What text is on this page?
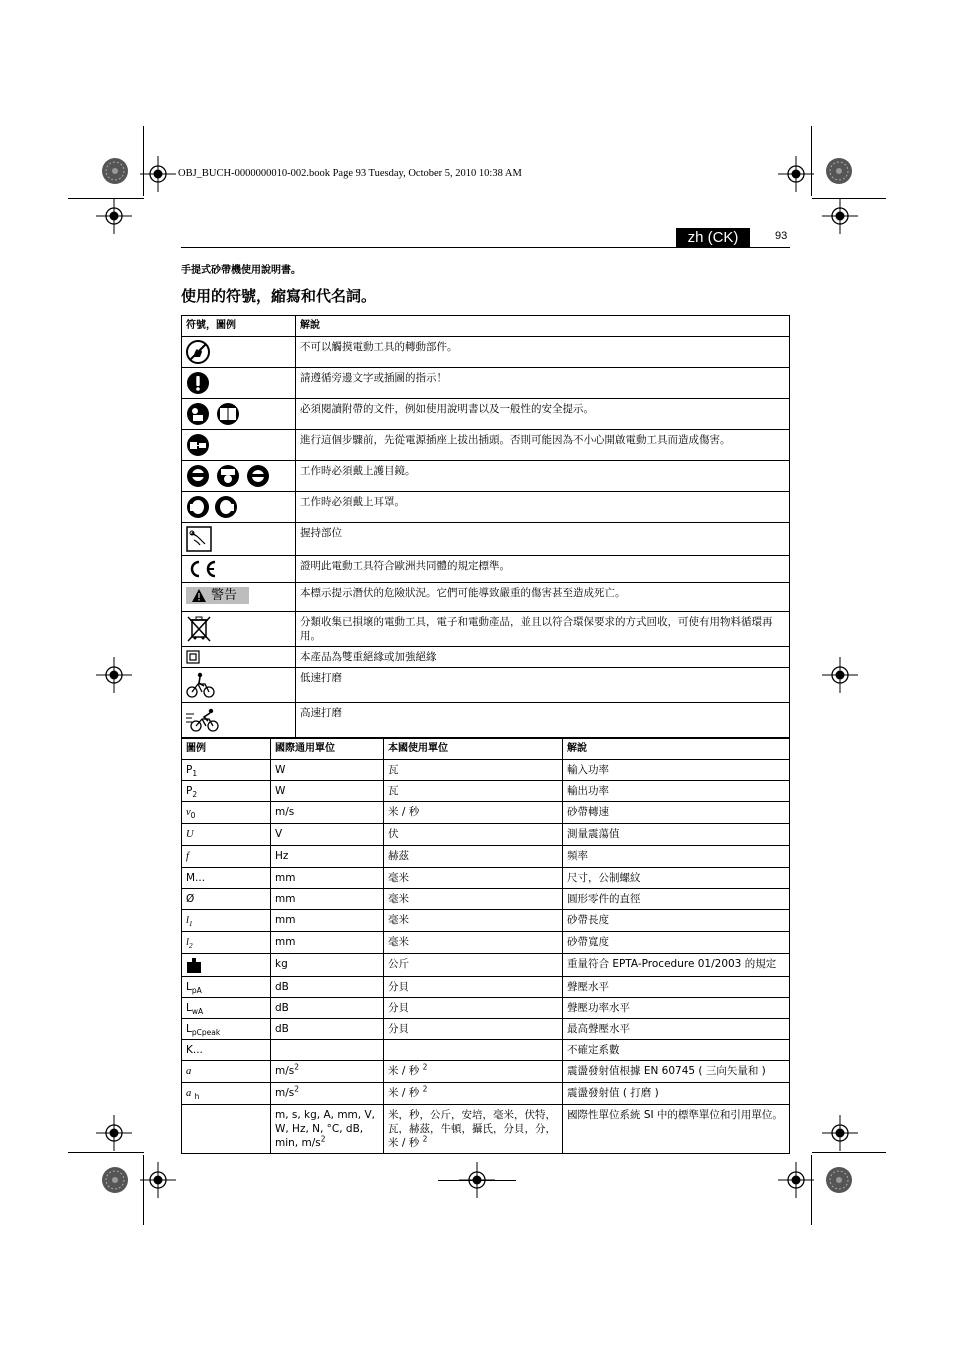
OBJ_BUCH-0000000010-002.book Page 93 Tuesday, October 5, 2010 10:38 AM
zh (CK)	93
手提式砂帶機使用說明書。
使用的符號，縮寫和代名詞。
符號，圖例	解說
	不可以觸摸電動工具的轉動部件。
	請遵循旁邊文字或插圖的指示！
	必須閱讀附帶的文件，例如使用說明書以及一般性的安全提示。
	進行這個步驟前，先從電源插座上拔出插頭。否則可能因為不小心開啟電動工具而造成傷害。
	工作時必須戴上護目鏡。
	工作時必須戴上耳罩。
	握持部位
	證明此電動工具符合歐洲共同體的規定標準。

警告	本標示提示潛伏的危險狀況。它們可能導致嚴重的傷害甚至造成死亡。
	分類收集已損壞的電動工具，電子和電動產品，並且以符合環保要求的方式回收，可使有用物料循環再用。
	本產品為雙重絕緣或加強絕緣
	低速打磨
	高速打磨
圖例	國際通用單位	本國使用單位	解說
$P_1$	W	瓦	輸入功率
$P_2$	W	瓦	輸出功率
$v_0$	m/s	米 / 秒	砂帶轉速
U	V	伏	測量震蕩值
f	Hz	赫茲	頻率
M...	mm	毫米	尺寸，公制螺紋
Ø	mm	毫米	圓形零件的直徑
$l_1$	mm	毫米	砂帶長度
$l_2$	mm	毫米	砂帶寬度
	kg	公斤	重量符合 EPTA-Procedure 01/2003 的規定
$L_{pA}$	dB	分貝	聲壓水平
$L_{wA}$	dB	分貝	聲壓功率水平
$L_{pCpeak}$	dB	分貝	最高聲壓水平
K...			不確定系數
a	$m/s^2$	米 / 秒 $^2$	震盪發射值根據 EN 60745 ( 三向矢量和 )
a $_h$	$m/s^2$	米 / 秒 $^2$	震盪發射值 ( 打磨 )
	m, s, kg, A, mm, V, W, Hz, N, °C, dB, min, $m/s^2$	米，秒，公斤，安培，毫米，伏特，瓦，赫茲，牛頓，攝氏，分貝，分，米 / 秒 $^2$	國際性單位系統 SI 中的標準單位和引用單位。
